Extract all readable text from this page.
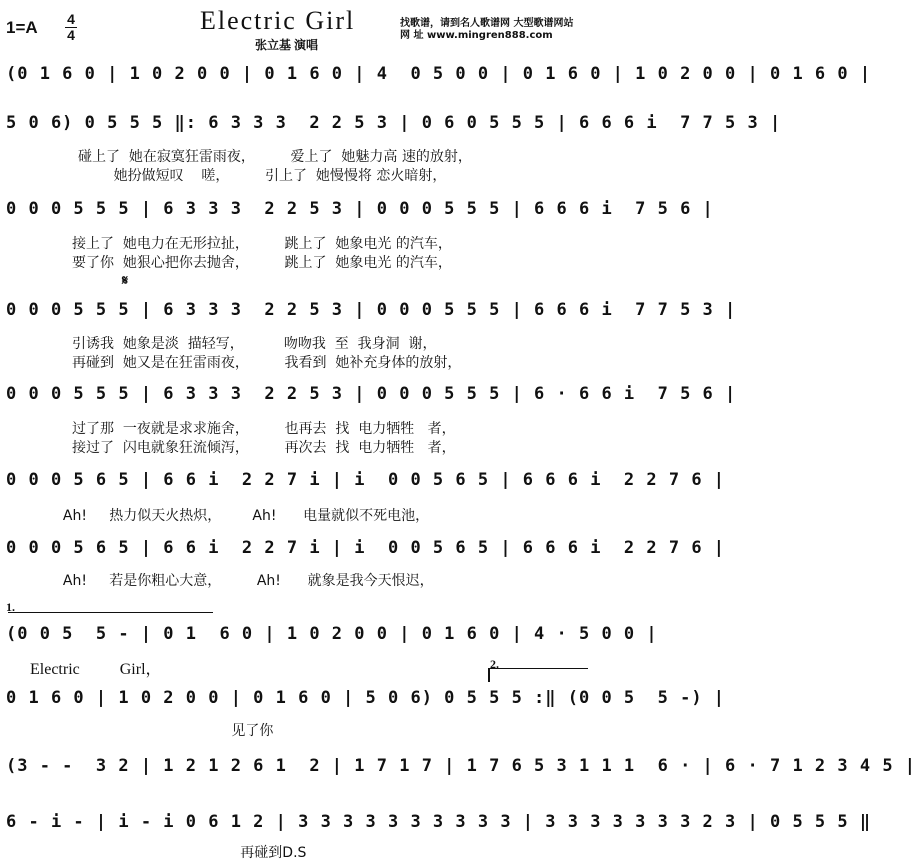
1=A 4
4	Electric Girl
张立基 演唱
找歌谱，请到名人歌谱网 大型歌谱网站
网 址 www.mingren888.com
(0 1 6 0 | 1 0 2 0 0 | 0 1 6 0 | 4  0 5 0 0 | 0 1 6 0 | 1 0 2 0 0 | 0 1 6 0 |
5 0 6) 0 5 5 5 ‖: 6 3 3 3  2 2 5 3 | 0 6 0 5 5 5 | 6 6 6 i  7 7 5 3 |
碰上了  她在寂寞狂雷雨夜，        爱上了  她魅力高 速的放射，
她扮做短叹    嗟，        引上了  她慢慢将 恋火暗射，
0 0 0 5 5 5 | 6 3 3 3  2 2 5 3 | 0 0 0 5 5 5 | 6 6 6 i  7 5 6 |
接上了  她电力在无形拉扯，        跳上了  她象电光 的汽车，
要了你  她狠心把你去抛舍，        跳上了  她象电光 的汽车，
𝄋
0 0 0 5 5 5 | 6 3 3 3  2 2 5 3 | 0 0 0 5 5 5 | 6 6 6 i  7 7 5 3 |
引诱我  她象是淡  描轻写，         吻吻我  至  我身洞  谢，
再碰到  她又是在狂雷雨夜，        我看到  她补充身体的放射，
0 0 0 5 5 5 | 6 3 3 3  2 2 5 3 | 0 0 0 5 5 5 | 6 · 6 6 i  7 5 6 |
过了那  一夜就是求求施舍，        也再去  找  电力牺牲   者，
接过了  闪电就象狂流倾泻，        再次去  找  电力牺牲   者，
0 0 0 5 6 5 | 6 6 i  2 2 7 i | i  0 0 5 6 5 | 6 6 6 i  2 2 7 6 |
Ah!     热力似天火热炽，       Ah!      电量就似不死电池，
0 0 0 5 6 5 | 6 6 i  2 2 7 i | i  0 0 5 6 5 | 6 6 6 i  2 2 7 6 |
Ah!     若是你粗心大意，        Ah!      就象是我今天恨迟，
1.
(0 0 5  5 - | 0 1  6 0 | 1 0 2 0 0 | 0 1 6 0 | 4 · 5 0 0 |
Electric          Girl，	2.
0 1 6 0 | 1 0 2 0 0 | 0 1 6 0 | 5 0 6) 0 5 5 5 :‖ (0 0 5  5 -) |
见了你
(3 - -  3 2 | 1 2 1 2 6 1  2 | 1 7 1 7 | 1 7 6 5 3 1 1 1  6 · | 6 · 7 1 2 3 4 5 |
6 - i - | i - i 0 6 1 2 | 3 3 3 3 3 3 3 3 3 3 | 3 3 3 3 3 3 3 2 3 | 0 5 5 5 ‖
再碰到D.S
